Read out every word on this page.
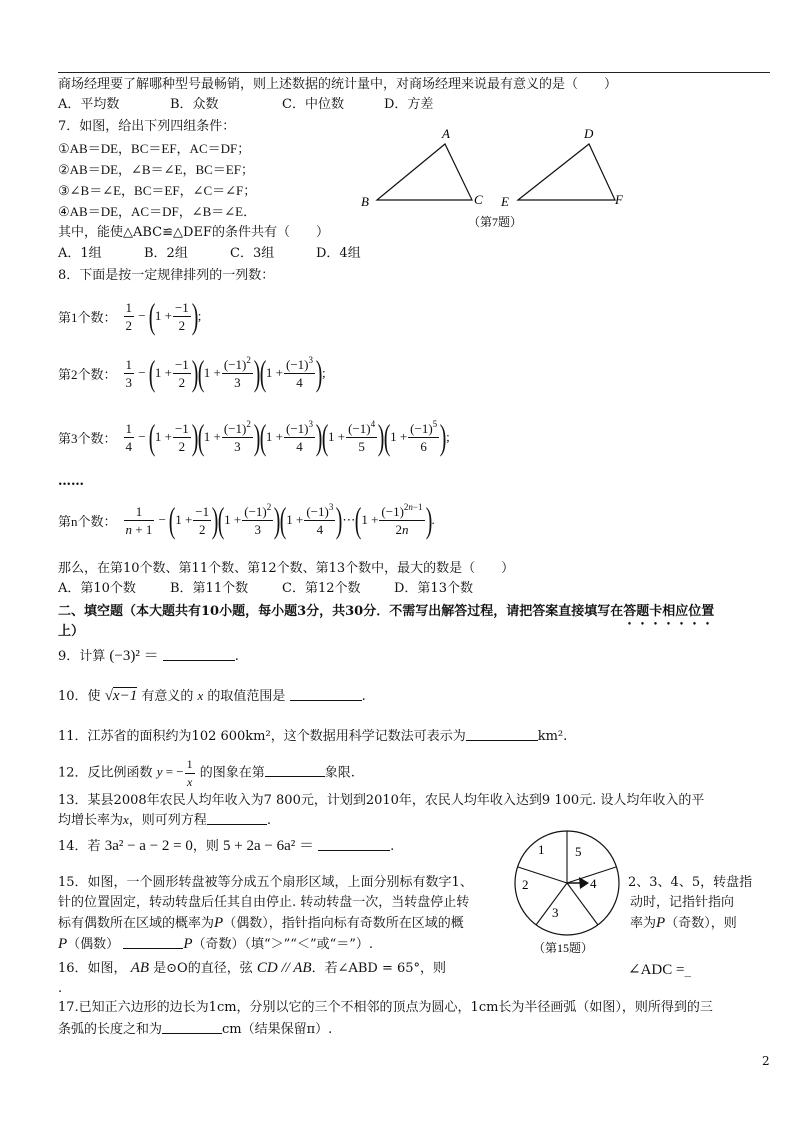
商场经理要了解哪种型号最畅销，则上述数据的统计量中，对商场经理来说最有意义的是（　　）
A．平均数	B．众数	C．中位数	D．方差
7．如图，给出下列四组条件：
①AB＝DE，BC＝EF，AC＝DF；
②AB＝DE，∠B＝∠E，BC＝EF；
③∠B＝∠E，BC＝EF，∠C＝∠F；
④AB＝DE，AC＝DF，∠B＝∠E．
其中，能使△ABC≌△DEF的条件共有（　　）
A．1组	B．2组	C．3组	D．4组
A
B	C
D
E	F
（第7题）
8．下面是按一定规律排列的一列数：
第1个数： $\frac{1}{2}$ − ( $1 + \frac{-1}{2}$ ) ;
第2个数： $\frac{1}{3}$ − ( $1 + \frac{-1}{2}$ ) ( $1 + \frac{(-1)^2}{3}$ ) ( $1 + \frac{(-1)^3}{4}$ ) ;
第3个数： $\frac{1}{4}$ − ( $1 + \frac{-1}{2}$ ) ( $1 + \frac{(-1)^2}{3}$ ) ( $1 + \frac{(-1)^3}{4}$ ) ( $1 + \frac{(-1)^4}{5}$ ) ( $1 + \frac{(-1)^5}{6}$ ) ;
……
第n个数： $\frac{1}{n + 1}$ − ( $1 + \frac{-1}{2}$ ) ( $1 + \frac{(-1)^2}{3}$ ) ( $1 + \frac{(-1)^3}{4}$ ) ⋯ ( $1 + \frac{(-1)^{2n-1}}{2n}$ ) .
那么，在第10个数、第11个数、第12个数、第13个数中，最大的数是（　　）
A．第10个数	B．第11个数	C．第12个数	D．第13个数
二、填空题（本大题共有10小题，每小题3分，共30分．不需写出解答过程，请把答案直接填写在答题卡相应位置
上）
9．计算 (−3)² ＝	.
10．使 √x−1 有意义的 x 的取值范围是	.
11．江苏省的面积约为102 600km²，这个数据用科学记数法可表示为	km².
12．反比例函数 y = − $\frac{1}{x}$ 的图象在第	象限.
13．某县2008年农民人均年收入为7 800元，计划到2010年，农民人均年收入达到9 100元. 设人均年收入的平
均增长率为x，则可列方程	.
14．若 3a² − a − 2 = 0，则 5 + 2a − 6a² ＝	.
15．如图，一个圆形转盘被等分成五个扇形区域，上面分别标有数字1、
针的位置固定，转动转盘后任其自由停止. 转动转盘一次，当转盘停止转
标有偶数所在区域的概率为P（偶数），指针指向标有奇数所在区域的概
P（偶数）	P（奇数）（填“＞”“＜”或“＝”）.
2、3、4、5，转盘指
动时，记指针指向
率为P（奇数），则
1 5
4
3
2
（第15题）
16．如图， AB 是⊙O的直径，弦 CD // AB．若∠ABD = 65°，则	∠ADC =_
.
17.已知正六边形的边长为1cm，分别以它的三个不相邻的顶点为圆心，1cm长为半径画弧（如图），则所得到的三
条弧的长度之和为	cm（结果保留π）.
2
